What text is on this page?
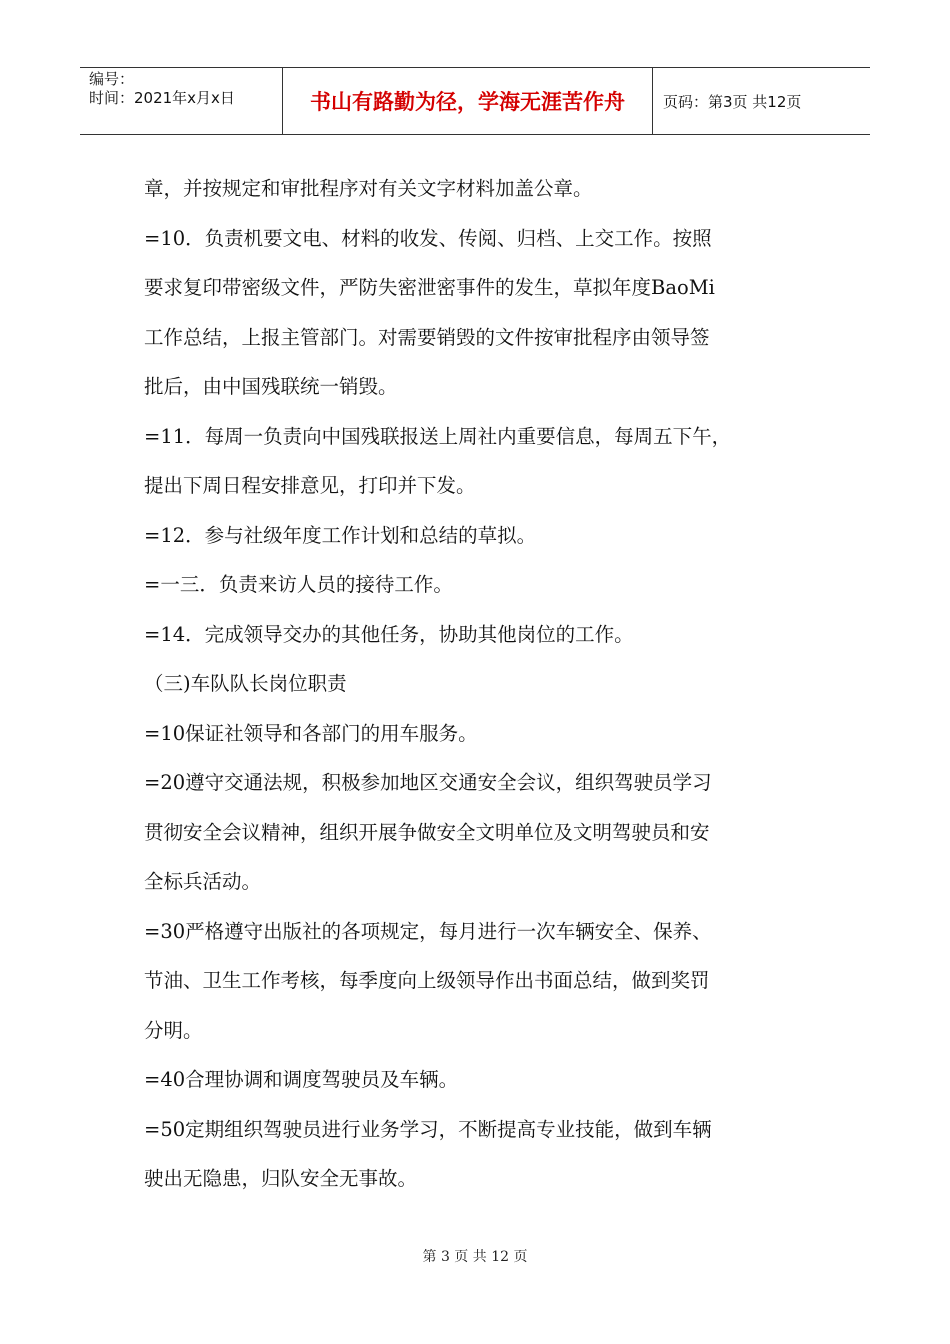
编号：
时间：2021年x月x日	书山有路勤为径，学海无涯苦作舟	页码：第3页 共12页
章，并按规定和审批程序对有关文字材料加盖公章。
=10．负责机要文电、材料的收发、传阅、归档、上交工作。按照
要求复印带密级文件，严防失密泄密事件的发生，草拟年度BaoMi
工作总结，上报主管部门。对需要销毁的文件按审批程序由领导签
批后，由中国残联统一销毁。
=11．每周一负责向中国残联报送上周社内重要信息，每周五下午，
提出下周日程安排意见，打印并下发。
=12．参与社级年度工作计划和总结的草拟。
=一三．负责来访人员的接待工作。
=14．完成领导交办的其他任务，协助其他岗位的工作。
（三)车队队长岗位职责
=10保证社领导和各部门的用车服务。
=20遵守交通法规，积极参加地区交通安全会议，组织驾驶员学习
贯彻安全会议精神，组织开展争做安全文明单位及文明驾驶员和安
全标兵活动。
=30严格遵守出版社的各项规定，每月进行一次车辆安全、保养、
节油、卫生工作考核，每季度向上级领导作出书面总结，做到奖罚
分明。
=40合理协调和调度驾驶员及车辆。
=50定期组织驾驶员进行业务学习，不断提高专业技能，做到车辆
驶出无隐患，归队安全无事故。
第 3 页 共 12 页
